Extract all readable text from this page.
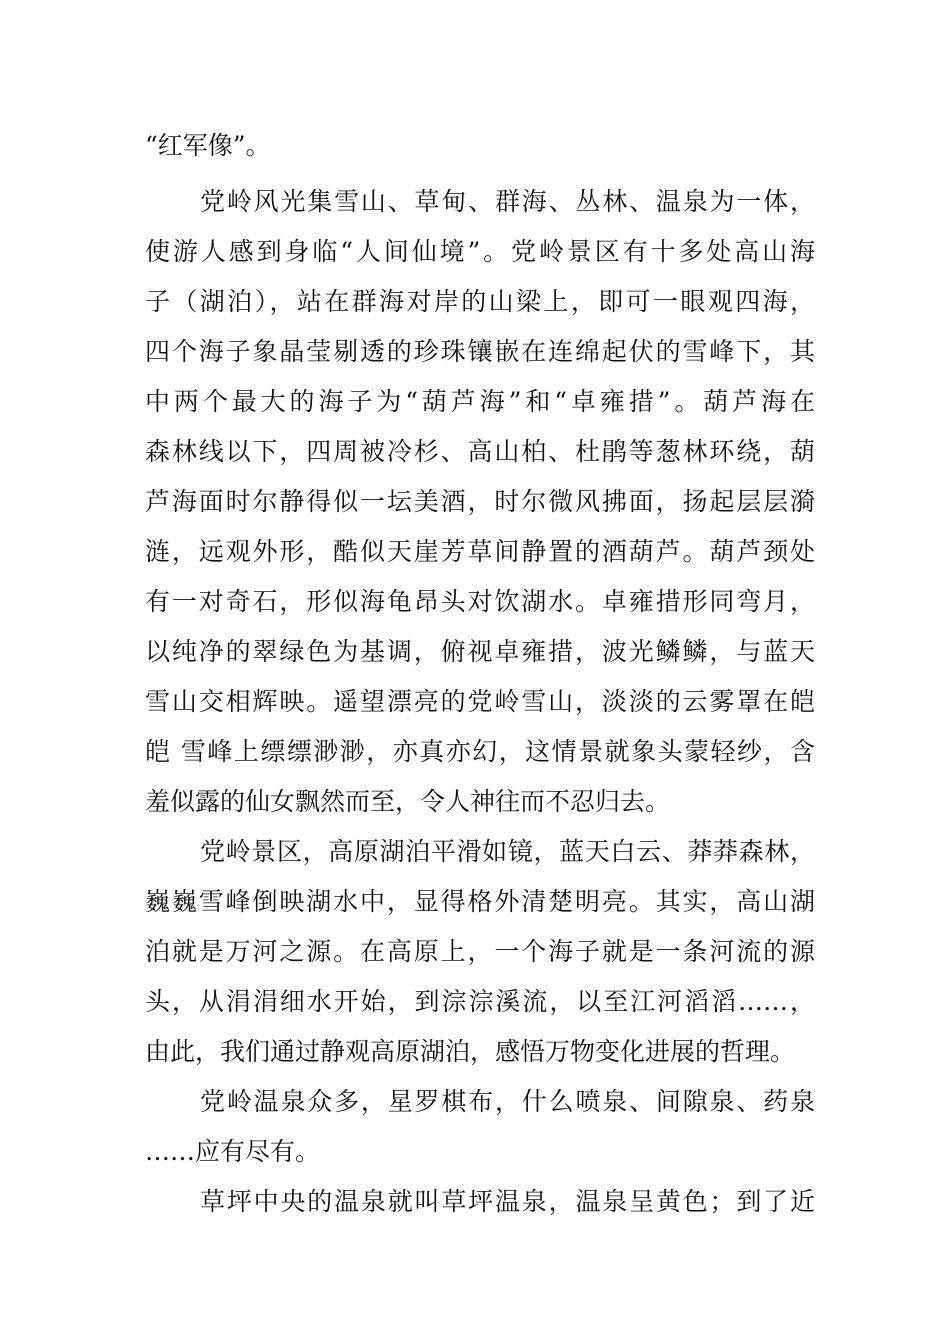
“红军像”。

党岭风光集雪山、草甸、群海、丛林、温泉为一体，

使游人感到身临“人间仙境”。党岭景区有十多处高山海

子（湖泊），站在群海对岸的山梁上，即可一眼观四海，

四个海子象晶莹剔透的珍珠镶嵌在连绵起伏的雪峰下，其

中两个最大的海子为“葫芦海”和“卓雍措”。葫芦海在

森林线以下，四周被冷杉、高山柏、杜鹃等葱林环绕，葫

芦海面时尔静得似一坛美酒，时尔微风拂面，扬起层层漪

涟，远观外形，酷似天崖芳草间静置的酒葫芦。葫芦颈处

有一对奇石，形似海龟昂头对饮湖水。卓雍措形同弯月，

以纯净的翠绿色为基调，俯视卓雍措，波光鳞鳞，与蓝天

雪山交相辉映。遥望漂亮的党岭雪山，淡淡的云雾罩在皑

皑 雪峰上缥缥渺渺，亦真亦幻，这情景就象头蒙轻纱，含

羞似露的仙女飘然而至，令人神往而不忍归去。

党岭景区，高原湖泊平滑如镜，蓝天白云、莽莽森林，

巍巍雪峰倒映湖水中，显得格外清楚明亮。其实，高山湖

泊就是万河之源。在高原上，一个海子就是一条河流的源

头，从涓涓细水开始，到淙淙溪流，以至江河滔滔……，

由此，我们通过静观高原湖泊，感悟万物变化进展的哲理。

党岭温泉众多，星罗棋布，什么喷泉、间隙泉、药泉

……应有尽有。

草坪中央的温泉就叫草坪温泉，温泉呈黄色；到了近
